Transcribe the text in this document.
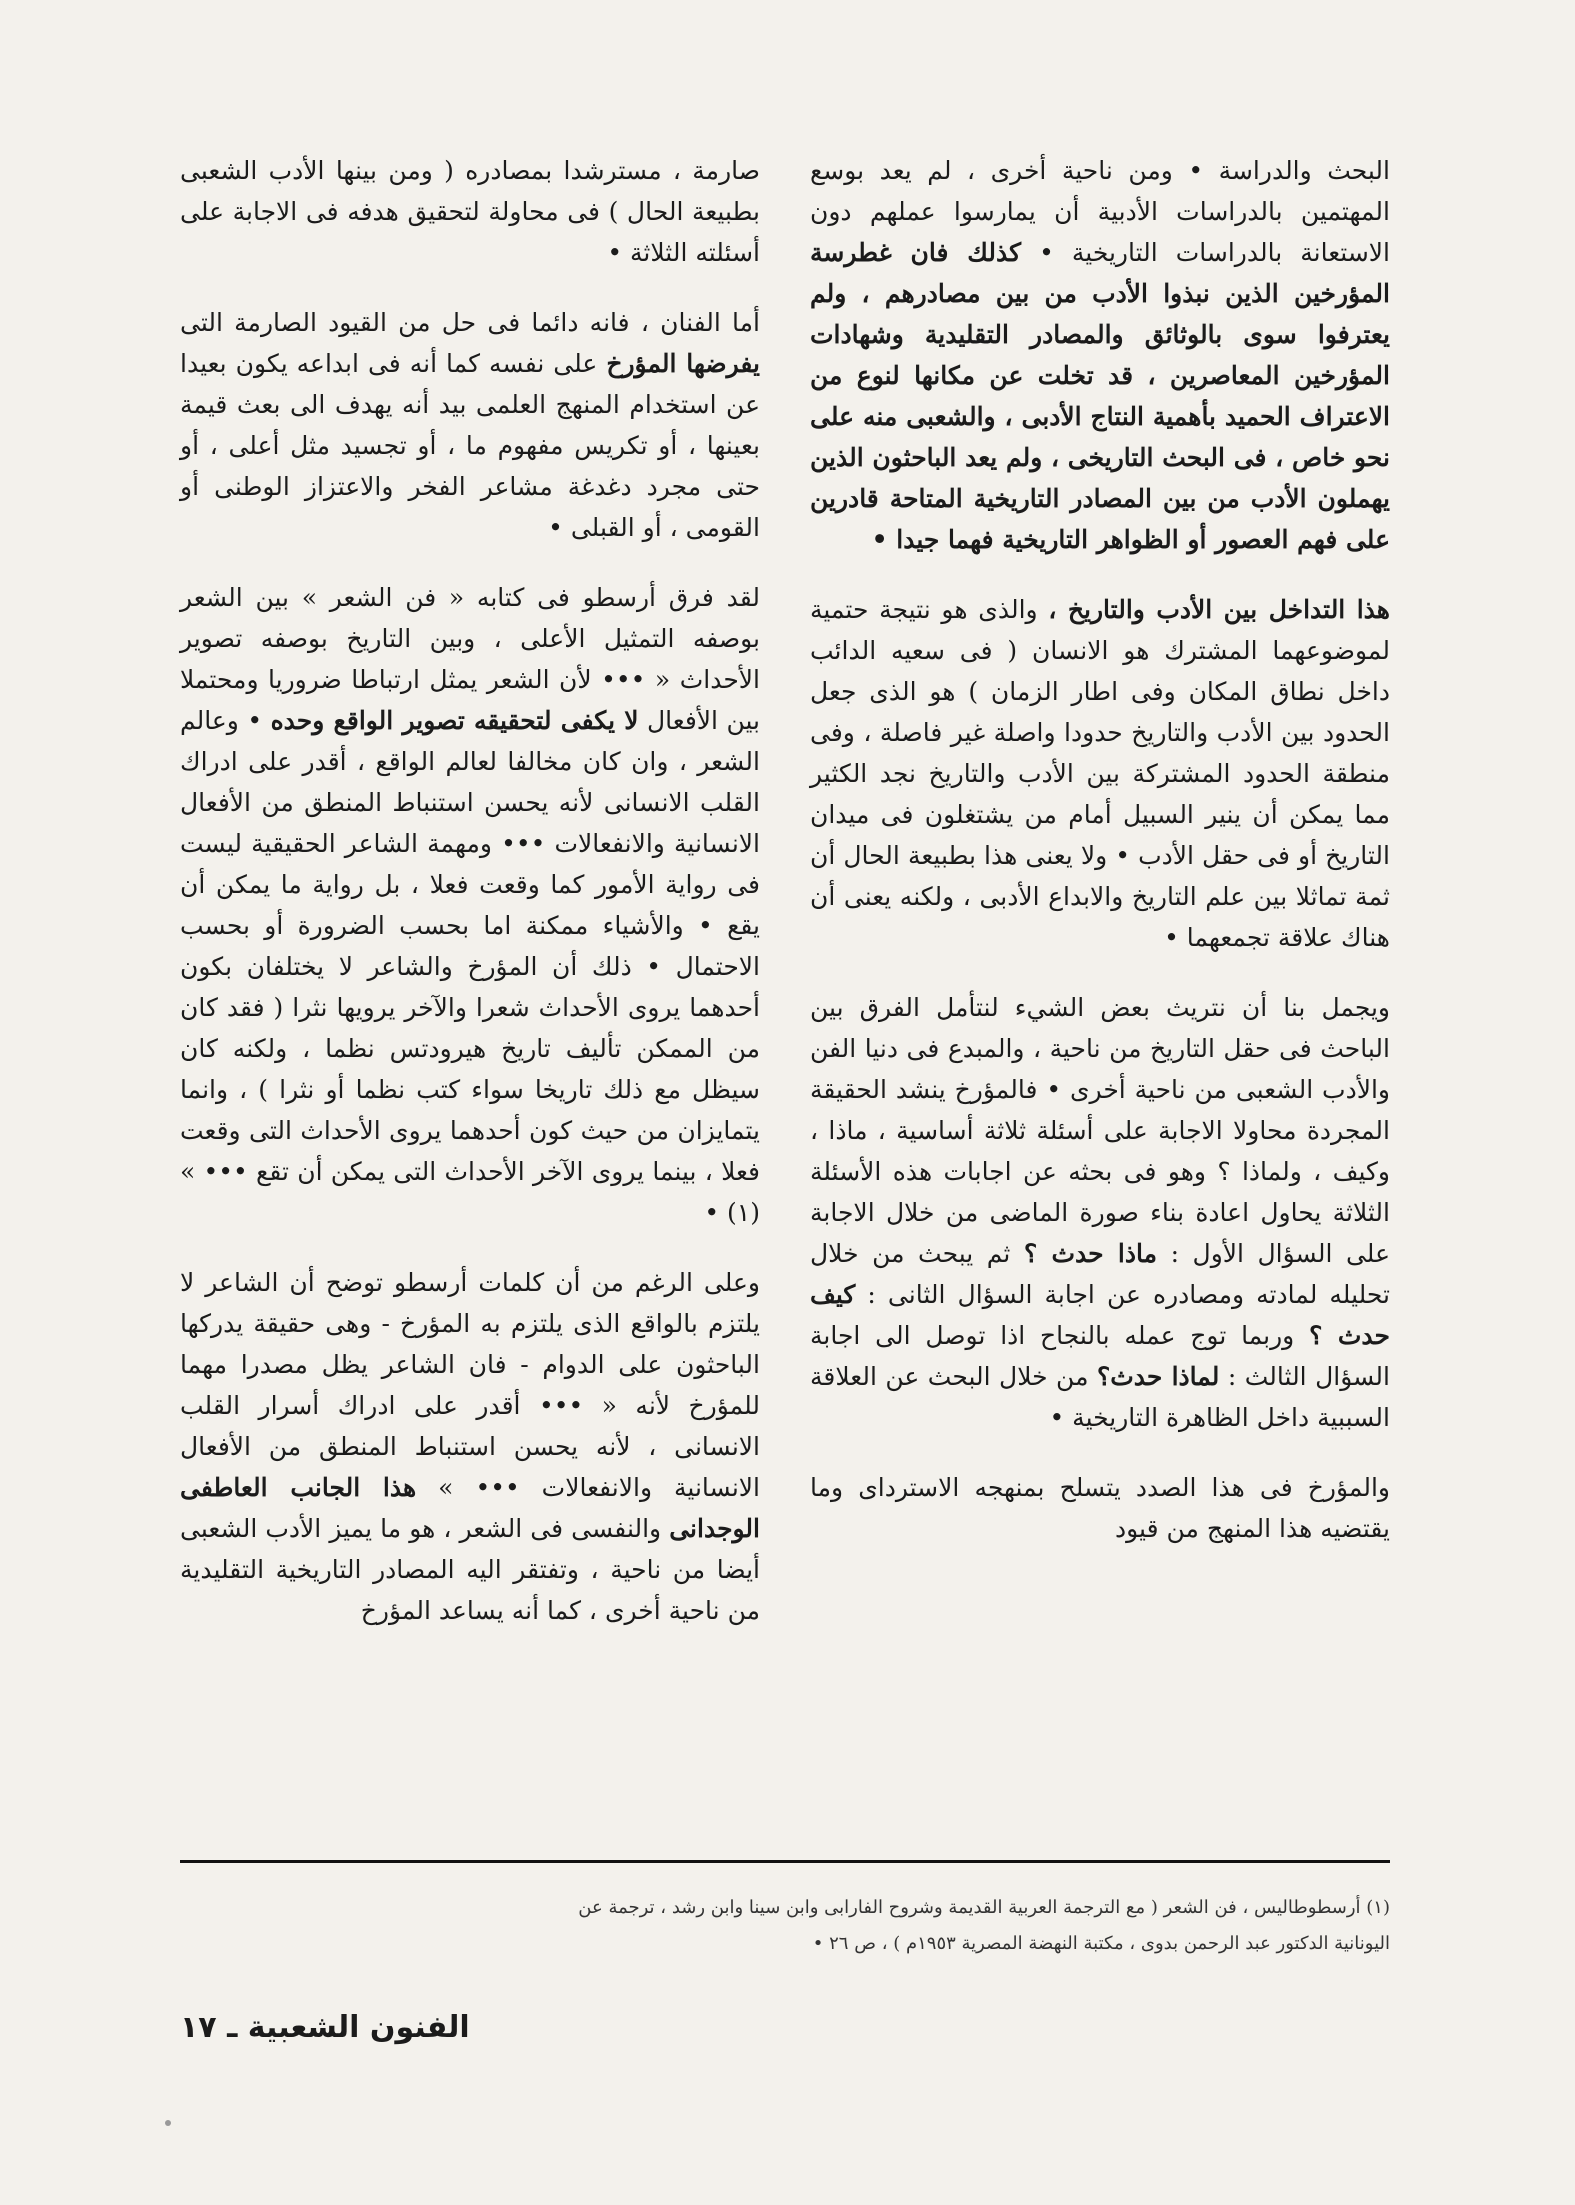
البحث والدراسة • ومن ناحية أخرى ، لم يعد بوسع المهتمين بالدراسات الأدبية أن يمارسوا عملهم دون الاستعانة بالدراسات التاريخية • كذلك فان غطرسة المؤرخين الذين نبذوا الأدب من بين مصادرهم ، ولم يعترفوا سوى بالوثائق والمصادر التقليدية وشهادات المؤرخين المعاصرين ، قد تخلت عن مكانها لنوع من الاعتراف الحميد بأهمية النتاج الأدبى ، والشعبى منه على نحو خاص ، فى البحث التاريخى ، ولم يعد الباحثون الذين يهملون الأدب من بين المصادر التاريخية المتاحة قادرين على فهم العصور أو الظواهر التاريخية فهما جيدا •

هذا التداخل بين الأدب والتاريخ ، والذى هو نتيجة حتمية لموضوعهما المشترك هو الانسان ( فى سعيه الدائب داخل نطاق المكان وفى اطار الزمان ) هو الذى جعل الحدود بين الأدب والتاريخ حدودا واصلة غير فاصلة ، وفى منطقة الحدود المشتركة بين الأدب والتاريخ نجد الكثير مما يمكن أن ينير السبيل أمام من يشتغلون فى ميدان التاريخ أو فى حقل الأدب • ولا يعنى هذا بطبيعة الحال أن ثمة تماثلا بين علم التاريخ والابداع الأدبى ، ولكنه يعنى أن هناك علاقة تجمعهما •

ويجمل بنا أن نتريث بعض الشيء لنتأمل الفرق بين الباحث فى حقل التاريخ من ناحية ، والمبدع فى دنيا الفن والأدب الشعبى من ناحية أخرى • فالمؤرخ ينشد الحقيقة المجردة محاولا الاجابة على أسئلة ثلاثة أساسية ، ماذا ، وكيف ، ولماذا ؟ وهو فى بحثه عن اجابات هذه الأسئلة الثلاثة يحاول اعادة بناء صورة الماضى من خلال الاجابة على السؤال الأول : ماذا حدث ؟ ثم يبحث من خلال تحليله لمادته ومصادره عن اجابة السؤال الثانى : كيف حدث ؟ وربما توج عمله بالنجاح اذا توصل الى اجابة السؤال الثالث : لماذا حدث؟ من خلال البحث عن العلاقة السببية داخل الظاهرة التاريخية •

والمؤرخ فى هذا الصدد يتسلح بمنهجه الاسترداى وما يقتضيه هذا المنهج من قيود

صارمة ، مسترشدا بمصادره ( ومن بينها الأدب الشعبى بطبيعة الحال ) فى محاولة لتحقيق هدفه فى الاجابة على أسئلته الثلاثة •

أما الفنان ، فانه دائما فى حل من القيود الصارمة التى يفرضها المؤرخ على نفسه كما أنه فى ابداعه يكون بعيدا عن استخدام المنهج العلمى بيد أنه يهدف الى بعث قيمة بعينها ، أو تكريس مفهوم ما ، أو تجسيد مثل أعلى ، أو حتى مجرد دغدغة مشاعر الفخر والاعتزاز الوطنى أو القومى ، أو القبلى •

لقد فرق أرسطو فى كتابه « فن الشعر » بين الشعر بوصفه التمثيل الأعلى ، وبين التاريخ بوصفه تصوير الأحداث « ••• لأن الشعر يمثل ارتباطا ضروريا ومحتملا بين الأفعال لا يكفى لتحقيقه تصوير الواقع وحده • وعالم الشعر ، وان كان مخالفا لعالم الواقع ، أقدر على ادراك القلب الانسانى لأنه يحسن استنباط المنطق من الأفعال الانسانية والانفعالات ••• ومهمة الشاعر الحقيقية ليست فى رواية الأمور كما وقعت فعلا ، بل رواية ما يمكن أن يقع • والأشياء ممكنة اما بحسب الضرورة أو بحسب الاحتمال • ذلك أن المؤرخ والشاعر لا يختلفان بكون أحدهما يروى الأحداث شعرا والآخر يرويها نثرا ( فقد كان من الممكن تأليف تاريخ هيرودتس نظما ، ولكنه كان سيظل مع ذلك تاريخا سواء كتب نظما أو نثرا ) ، وانما يتمايزان من حيث كون أحدهما يروى الأحداث التى وقعت فعلا ، بينما يروى الآخر الأحداث التى يمكن أن تقع ••• » (١) •

وعلى الرغم من أن كلمات أرسطو توضح أن الشاعر لا يلتزم بالواقع الذى يلتزم به المؤرخ - وهى حقيقة يدركها الباحثون على الدوام - فان الشاعر يظل مصدرا مهما للمؤرخ لأنه « ••• أقدر على ادراك أسرار القلب الانسانى ، لأنه يحسن استنباط المنطق من الأفعال الانسانية والانفعالات ••• » هذا الجانب العاطفى الوجدانى والنفسى فى الشعر ، هو ما يميز الأدب الشعبى أيضا من ناحية ، وتفتقر اليه المصادر التاريخية التقليدية من ناحية أخرى ، كما أنه يساعد المؤرخ

(١) أرسطوطاليس ، فن الشعر ( مع الترجمة العربية القديمة وشروح الفارابى وابن سينا وابن رشد ، ترجمة عن
اليونانية الدكتور عبد الرحمن بدوى ، مكتبة النهضة المصرية ١٩٥٣م ) ، ص ٢٦ •
الفنون الشعبية ـ ١٧
